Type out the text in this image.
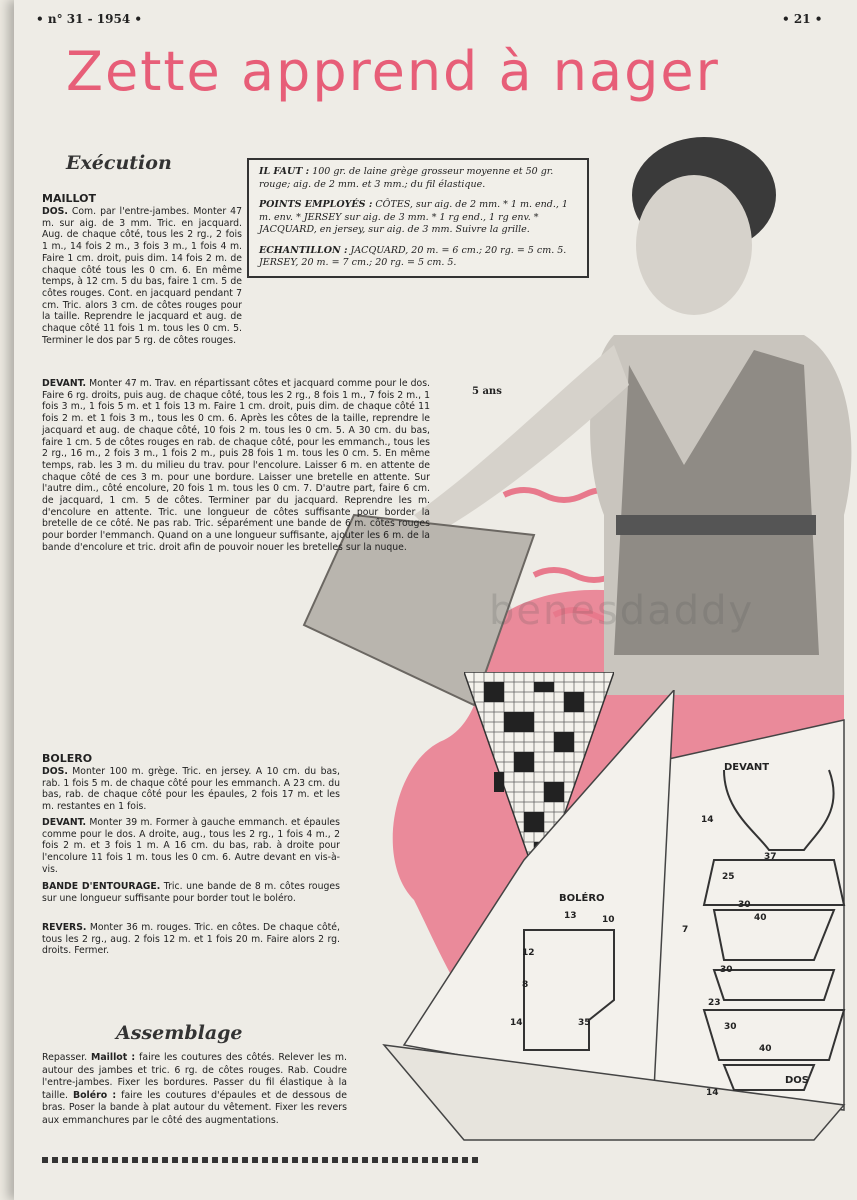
• n° 31 - 1954 •	• 21 •
Zette apprend à nager
Exécution	IL FAUT : 100 gr. de laine grège grosseur moyenne et 50 gr. rouge; aig. de 2 mm. et 3 mm.; du fil élastique.

POINTS EMPLOYÉS : CÔTES, sur aig. de 2 mm. * 1 m. end., 1 m. env. * JERSEY sur aig. de 3 mm. * 1 rg end., 1 rg env. * JACQUARD, en jersey, sur aig. de 3 mm. Suivre la grille.

ECHANTILLON : JACQUARD, 20 m. = 6 cm.; 20 rg. = 5 cm. 5. JERSEY, 20 m. = 7 cm.; 20 rg. = 5 cm. 5.

MAILLOT
DOS. Com. par l'entre-jambes. Monter 47 m. sur aig. de 3 mm. Tric. en jacquard. Aug. de chaque côté, tous les 2 rg., 2 fois 1 m., 14 fois 2 m., 3 fois 3 m., 1 fois 4 m. Faire 1 cm. droit, puis dim. 14 fois 2 m. de chaque côté tous les 0 cm. 6. En même temps, à 12 cm. 5 du bas, faire 1 cm. 5 de côtes rouges. Cont. en jacquard pendant 7 cm. Tric. alors 3 cm. de côtes rouges pour la taille. Reprendre le jacquard et aug. de chaque côté 11 fois 1 m. tous les 0 cm. 5. Terminer le dos par 5 rg. de côtes rouges.
5 ans
DEVANT. Monter 47 m. Trav. en répartissant côtes et jacquard comme pour le dos. Faire 6 rg. droits, puis aug. de chaque côté, tous les 2 rg., 8 fois 1 m., 7 fois 2 m., 1 fois 3 m., 1 fois 5 m. et 1 fois 13 m. Faire 1 cm. droit, puis dim. de chaque côté 11 fois 2 m. et 1 fois 3 m., tous les 0 cm. 6. Après les côtes de la taille, reprendre le jacquard et aug. de chaque côté, 10 fois 2 m. tous les 0 cm. 5. A 30 cm. du bas, faire 1 cm. 5 de côtes rouges en rab. de chaque côté, pour les emmanch., tous les 2 rg., 16 m., 2 fois 3 m., 1 fois 2 m., puis 28 fois 1 m. tous les 0 cm. 5. En même temps, rab. les 3 m. du milieu du trav. pour l'encolure. Laisser 6 m. en attente de chaque côté de ces 3 m. pour une bordure. Laisser une bretelle en attente. Sur l'autre dim., côté encolure, 20 fois 1 m. tous les 0 cm. 7. D'autre part, faire 6 cm. de jacquard, 1 cm. 5 de côtes. Terminer par du jacquard. Reprendre les m. d'encolure en attente. Tric. une longueur de côtes suffisante pour border la bretelle de ce côté. Ne pas rab. Tric. séparément une bande de 6 m. côtes rouges pour border l'emmanch. Quand on a une longueur suffisante, ajouter les 6 m. de la bande d'encolure et tric. droit afin de pouvoir nouer les bretelles sur la nuque.
benesdaddy
BOLERO
DOS. Monter 100 m. grège. Tric. en jersey. A 10 cm. du bas, rab. 1 fois 5 m. de chaque côté pour les emmanch. A 23 cm. du bas, rab. de chaque côté pour les épaules, 2 fois 17 m. et les m. restantes en 1 fois.
DEVANT. Monter 39 m. Former à gauche emmanch. et épaules comme pour le dos. A droite, aug., tous les 2 rg., 1 fois 4 m., 2 fois 2 m. et 3 fois 1 m. A 16 cm. du bas, rab. à droite pour l'encolure 11 fois 1 m. tous les 0 cm. 6. Autre devant en vis-à-vis.
BANDE D'ENTOURAGE. Tric. une bande de 8 m. côtes rouges sur une longueur suffisante pour border tout le boléro.
REVERS. Monter 36 m. rouges. Tric. en côtes. De chaque côté, tous les 2 rg., aug. 2 fois 12 m. et 1 fois 20 m. Faire alors 2 rg. droits. Fermer.
Assemblage
Repasser. Maillot : faire les coutures des côtés. Relever les m. autour des jambes et tric. 6 rg. de côtes rouges. Rab. Coudre l'entre-jambes. Fixer les bordures. Passer du fil élastique à la taille. Boléro : faire les coutures d'épaules et de dessous de bras. Poser la bande à plat autour du vêtement. Fixer les revers aux emmanchures par le côté des augmentations.
DEVANT
DOS
BOLÉRO
14
37
25
30
40
7
30
23
30
40
14
13	10
12
8
14	35
